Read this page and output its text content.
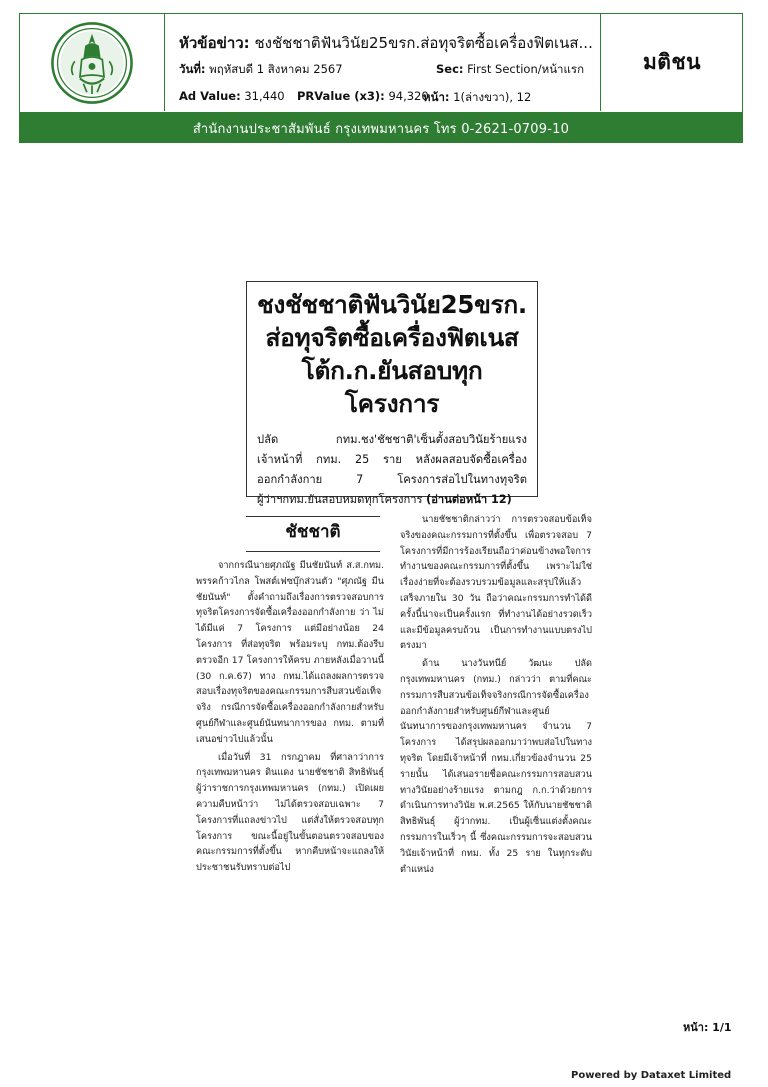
หัวข้อข่าว: ชงชัชชาติฟันวินัย25ขรก.ส่อทุจริตซื้อเครื่องฟิตเนส...
วันที่: พฤหัสบดี 1 สิงหาคม 2567	Sec: First Section/หน้าแรก
Ad Value: 31,440 PRValue (x3): 94,320
หน้า: 1(ล่างขวา), 12
มติชน
สำนักงานประชาสัมพันธ์ กรุงเทพมหานคร โทร 0-2621-0709-10
ชงชัชชาติฟันวินัย25ขรก.
ส่อทุจริตซื้อเครื่องฟิตเนส
โต้ก.ก.ยันสอบทุกโครงการ
ปลัด กทม.ชง'ชัชชาติ'เซ็นตั้งสอบวินัยร้ายแรง
เจ้าหน้าที่ กทม. 25 ราย หลังผลสอบจัดซื้อเครื่อง
ออกกำลังกาย 7 โครงการส่อไปในทางทุจริต
ผู้ว่าฯกทม.ยันสอบหมดทุกโครงการ (อ่านต่อหน้า 12)
ชัชชาติ

จากกรณีนายศุภณัฐ มีนชัยนันท์ ส.ส.กทม. พรรคก้าวไกล โพสต์เฟซบุ๊กส่วนตัว "ศุภณัฐ มีนชัยนันท์" ตั้งคำถามถึงเรื่องการตรวจสอบการทุจริตโครงการจัดซื้อเครื่องออกกำลังกาย ว่า ไม่ได้มีแค่ 7 โครงการ แต่มีอย่างน้อย 24 โครงการ ที่ส่อทุจริต พร้อมระบุ กทม.ต้องรีบตรวจอีก 17 โครงการให้ครบ ภายหลังเมื่อวานนี้ (30 ก.ค.67) ทาง กทม.ได้แถลงผลการตรวจสอบเรื่องทุจริตของคณะกรรมการสืบสวนข้อเท็จจริง กรณีการจัดซื้อเครื่องออกกำลังกายสำหรับศูนย์กีฬาและศูนย์นันทนาการของ กทม. ตามที่เสนอข่าวไปแล้วนั้น

เมื่อวันที่ 31 กรกฎาคม ที่ศาลาว่าการกรุงเทพมหานคร ดินแดง นายชัชชาติ สิทธิพันธุ์ ผู้ว่าราชการกรุงเทพมหานคร (กทม.) เปิดเผยความคืบหน้าว่า ไม่ได้ตรวจสอบเฉพาะ 7 โครงการที่แถลงข่าวไป แต่สั่งให้ตรวจสอบทุกโครงการ ขณะนี้อยู่ในขั้นตอนตรวจสอบของคณะกรรมการที่ตั้งขึ้น หากคืบหน้าจะแถลงให้ประชาชนรับทราบต่อไป

นายชัชชาติกล่าวว่า การตรวจสอบข้อเท็จจริงของคณะกรรมการที่ตั้งขึ้น เพื่อตรวจสอบ 7 โครงการที่มีการร้องเรียนถือว่าค่อนข้างพอใจการทำงานของคณะกรรมการที่ตั้งขึ้น เพราะไม่ใช่เรื่องง่ายที่จะต้องรวบรวมข้อมูลและสรุปให้แล้วเสร็จภายใน 30 วัน ถือว่าคณะกรรมการทำได้ดี ครั้งนี้น่าจะเป็นครั้งแรก ที่ทำงานได้อย่างรวดเร็วและมีข้อมูลครบถ้วน เป็นการทำงานแบบตรงไปตรงมา

ด้าน นางวันทนีย์ วัฒนะ ปลัดกรุงเทพมหานคร (กทม.) กล่าวว่า ตามที่คณะกรรมการสืบสวนข้อเท็จจริงกรณีการจัดซื้อเครื่องออกกำลังกายสำหรับศูนย์กีฬาและศูนย์นันทนาการของกรุงเทพมหานคร จำนวน 7 โครงการ ได้สรุปผลออกมาว่าพบส่อไปในทางทุจริต โดยมีเจ้าหน้าที่ กทม.เกี่ยวข้องจำนวน 25 รายนั้น ได้เสนอรายชื่อคณะกรรมการสอบสวนทางวินัยอย่างร้ายแรง ตามกฎ ก.ก.ว่าด้วยการดำเนินการทางวินัย พ.ศ.2565 ให้กับนายชัชชาติ สิทธิพันธุ์ ผู้ว่ากทม. เป็นผู้เซ็นแต่งตั้งคณะกรรมการในเร็วๆ นี้ ซึ่งคณะกรรมการจะสอบสวนวินัยเจ้าหน้าที่ กทม. ทั้ง 25 ราย ในทุกระดับตำแหน่ง

หน้า: 1/1
Powered by Dataxet Limited
